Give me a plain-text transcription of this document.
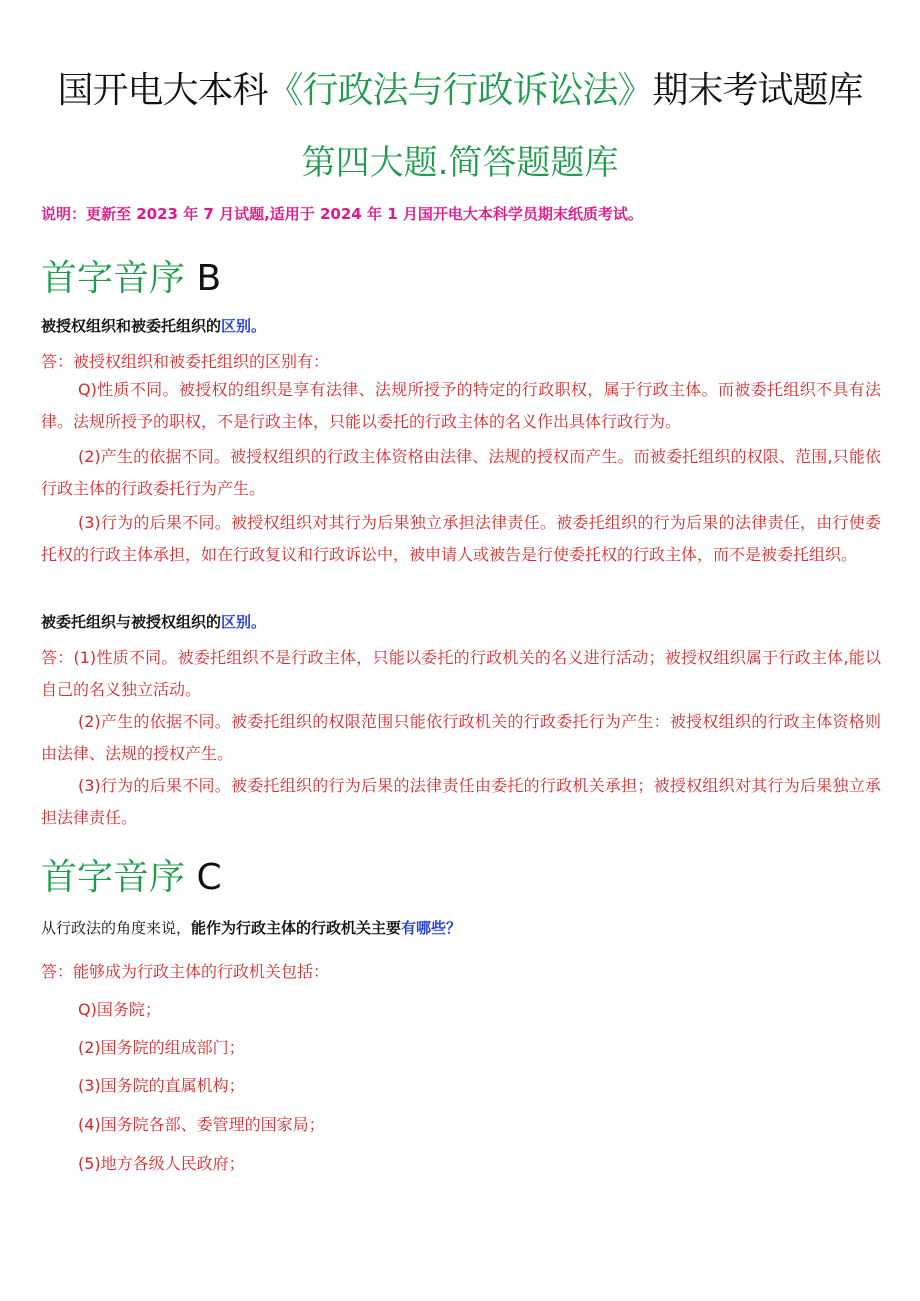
国开电大本科《行政法与行政诉讼法》期末考试题库
第四大题.简答题题库
说明：更新至 2023 年 7 月试题,适用于 2024 年 1 月国开电大本科学员期末纸质考试。
首字音序 B
被授权组织和被委托组织的区别。
答：被授权组织和被委托组织的区别有：
Q)性质不同。被授权的组织是享有法律、法规所授予的特定的行政职权，属于行政主体。而被委托组织不具有法律。法规所授予的职权，不是行政主体，只能以委托的行政主体的名义作出具体行政行为。
(2)产生的依据不同。被授权组织的行政主体资格由法律、法规的授权而产生。而被委托组织的权限、范围,只能依行政主体的行政委托行为产生。
(3)行为的后果不同。被授权组织对其行为后果独立承担法律责任。被委托组织的行为后果的法律责任，由行使委托权的行政主体承担，如在行政复议和行政诉讼中，被申请人或被告是行使委托权的行政主体，而不是被委托组织。
被委托组织与被授权组织的区别。
答：(1)性质不同。被委托组织不是行政主体，只能以委托的行政机关的名义进行活动；被授权组织属于行政主体,能以自己的名义独立活动。
(2)产生的依据不同。被委托组织的权限范围只能依行政机关的行政委托行为产生：被授权组织的行政主体资格则由法律、法规的授权产生。
(3)行为的后果不同。被委托组织的行为后果的法律责任由委托的行政机关承担；被授权组织对其行为后果独立承担法律责任。
首字音序 C
从行政法的角度来说，能作为行政主体的行政机关主要有哪些？
答：能够成为行政主体的行政机关包括：
Q)国务院；
(2)国务院的组成部门；
(3)国务院的直属机构；
(4)国务院各部、委管理的国家局；
(5)地方各级人民政府；
